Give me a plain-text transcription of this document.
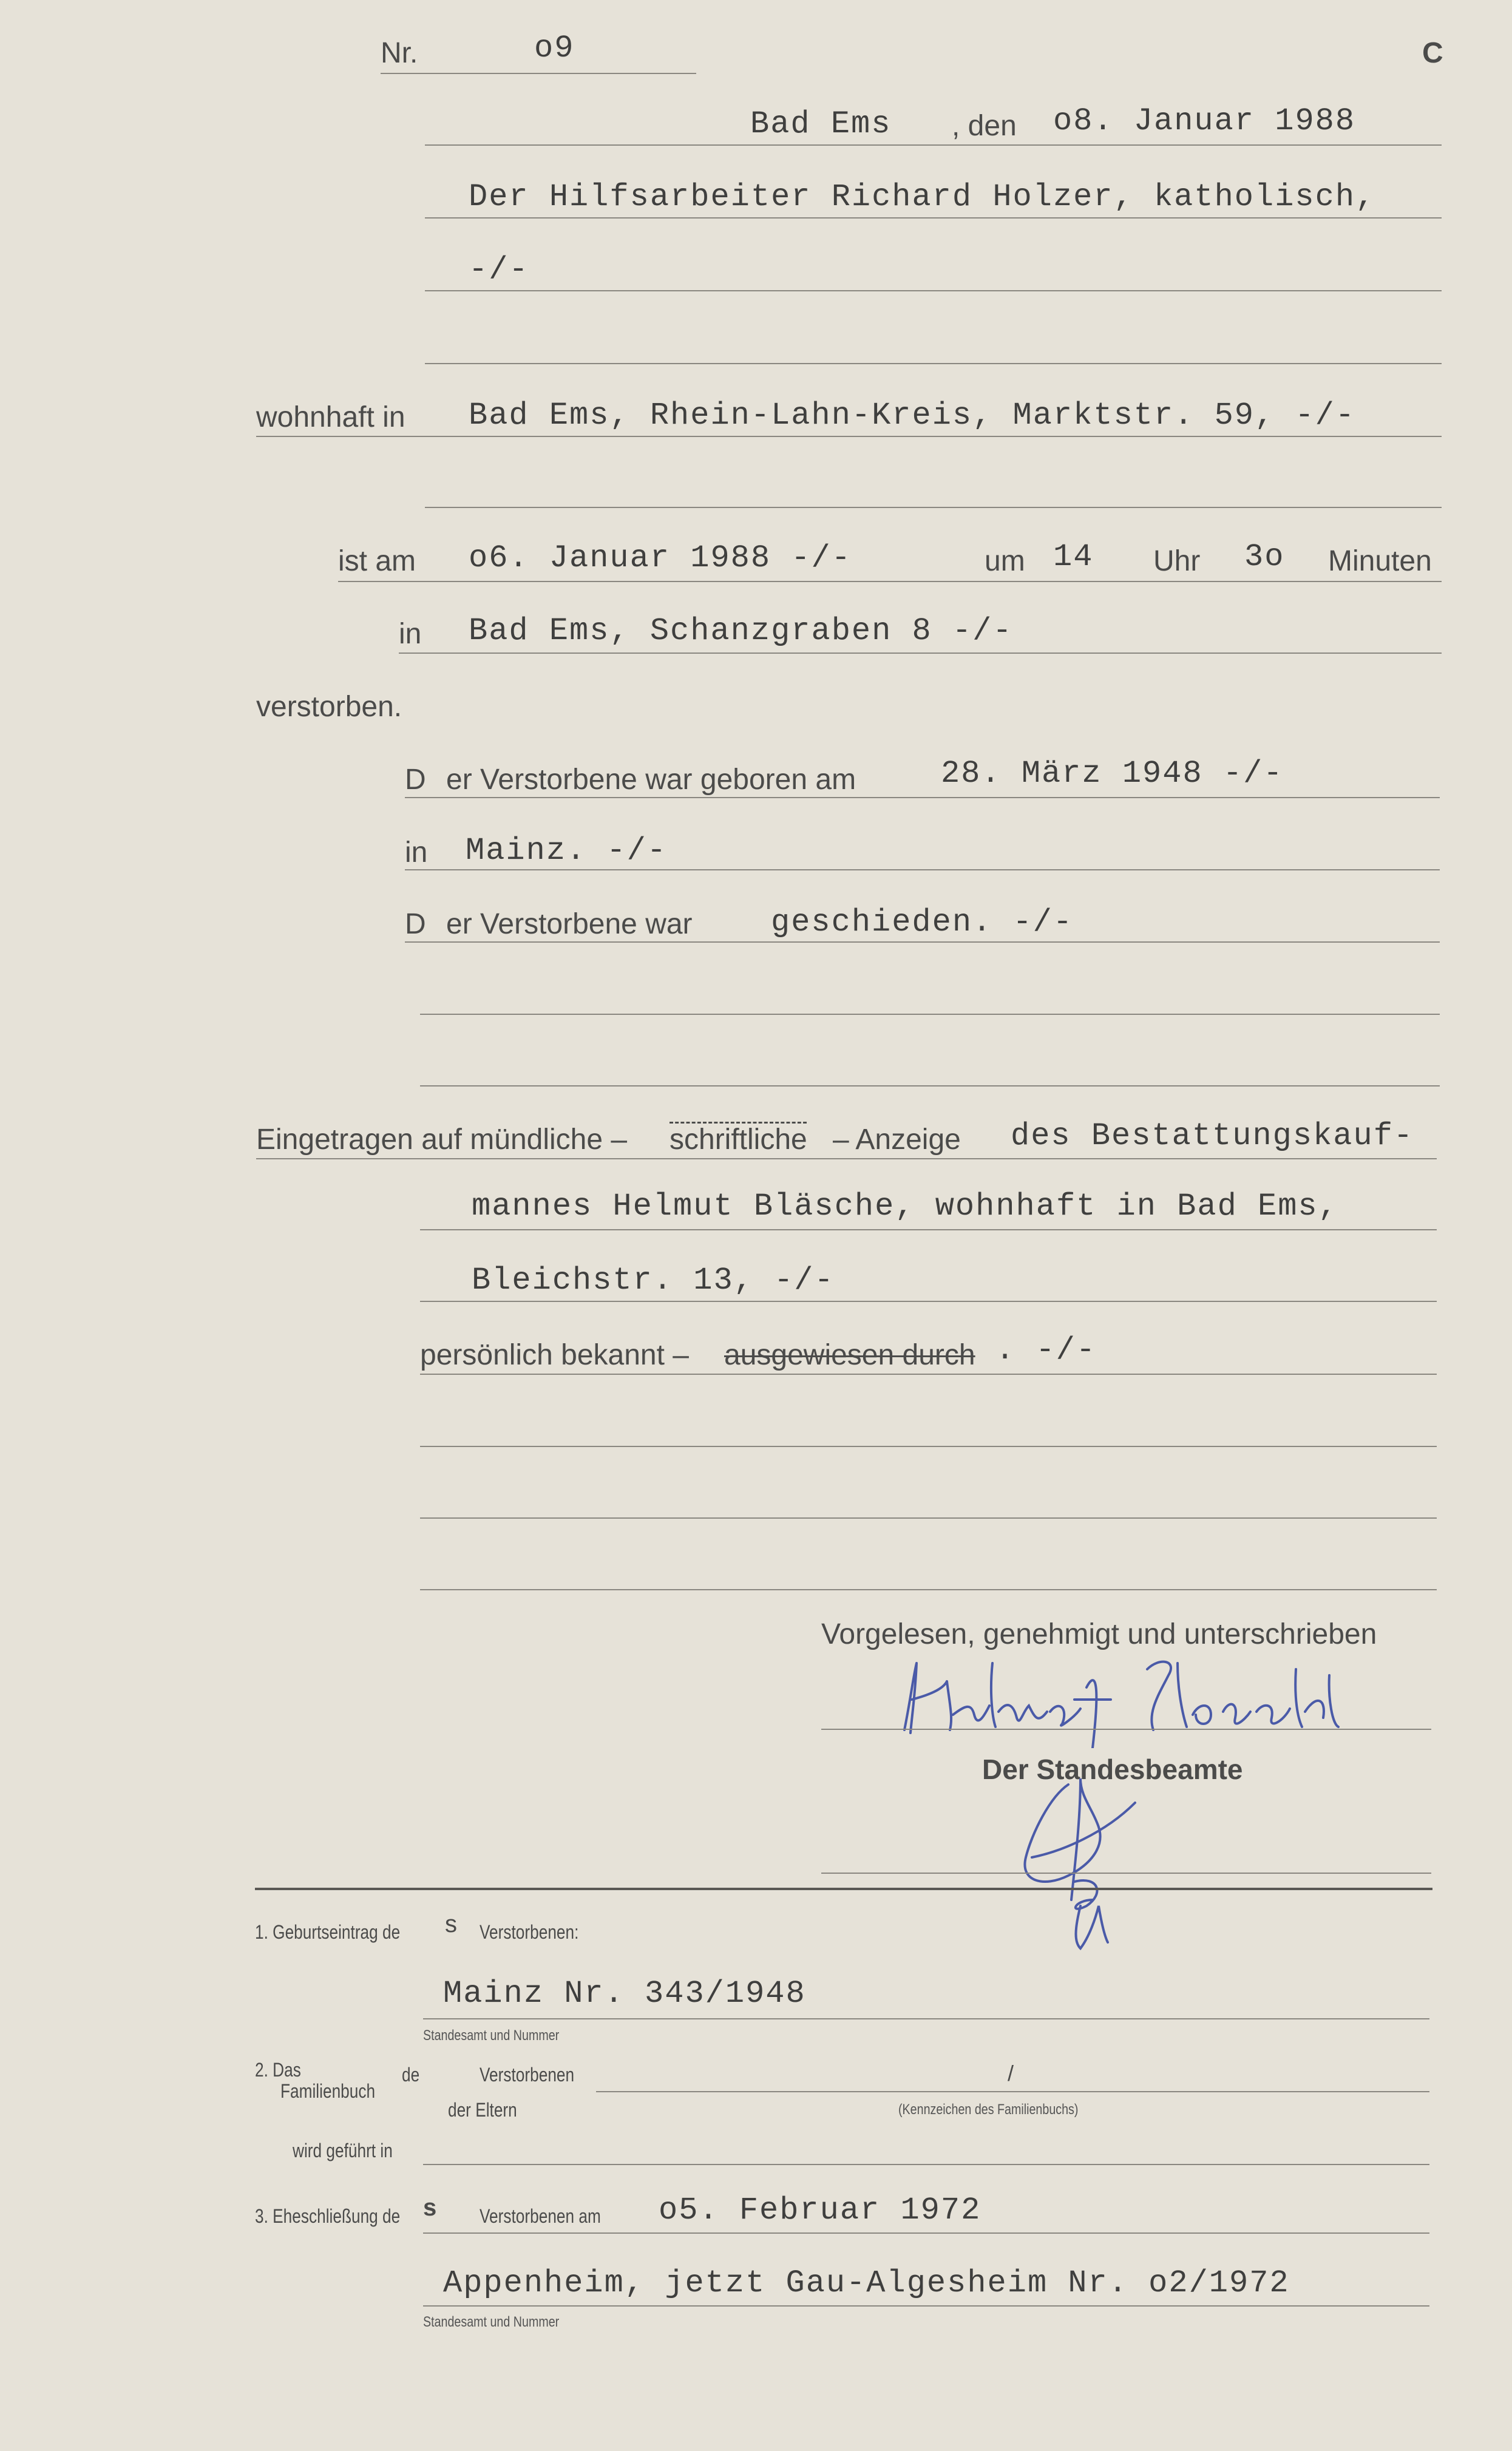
Nr.	o9	C
Bad Ems , den o8. Januar 1988
Der Hilfsarbeiter Richard Holzer, katholisch,
-/-
wohnhaft in Bad Ems, Rhein-Lahn-Kreis, Marktstr. 59, -/-
ist am o6. Januar 1988 -/-	um 14 Uhr 3o Minuten
in Bad Ems, Schanzgraben 8 -/-
verstorben.
D er Verstorbene war geboren am	28. März 1948 -/-
in Mainz. -/-
D er Verstorbene war geschieden. -/-
Eingetragen auf mündliche – schriftliche – Anzeige des Bestattungskauf-
mannes Helmut Bläsche, wohnhaft in Bad Ems,
Bleichstr. 13, -/-
persönlich bekannt – ausgewiesen durch . -/-
Vorgelesen, genehmigt und unterschrieben
Der Standesbeamte
1. Geburtseintrag de s Verstorbenen:
Mainz Nr. 343/1948
Standesamt und Nummer
2. Das
Familienbuch
de	Verstorbenen	/
der Eltern	(Kennzeichen des Familienbuchs)
wird geführt in
3. Eheschließung de s Verstorbenen am o5. Februar 1972
Appenheim, jetzt Gau-Algesheim Nr. o2/1972
Standesamt und Nummer
